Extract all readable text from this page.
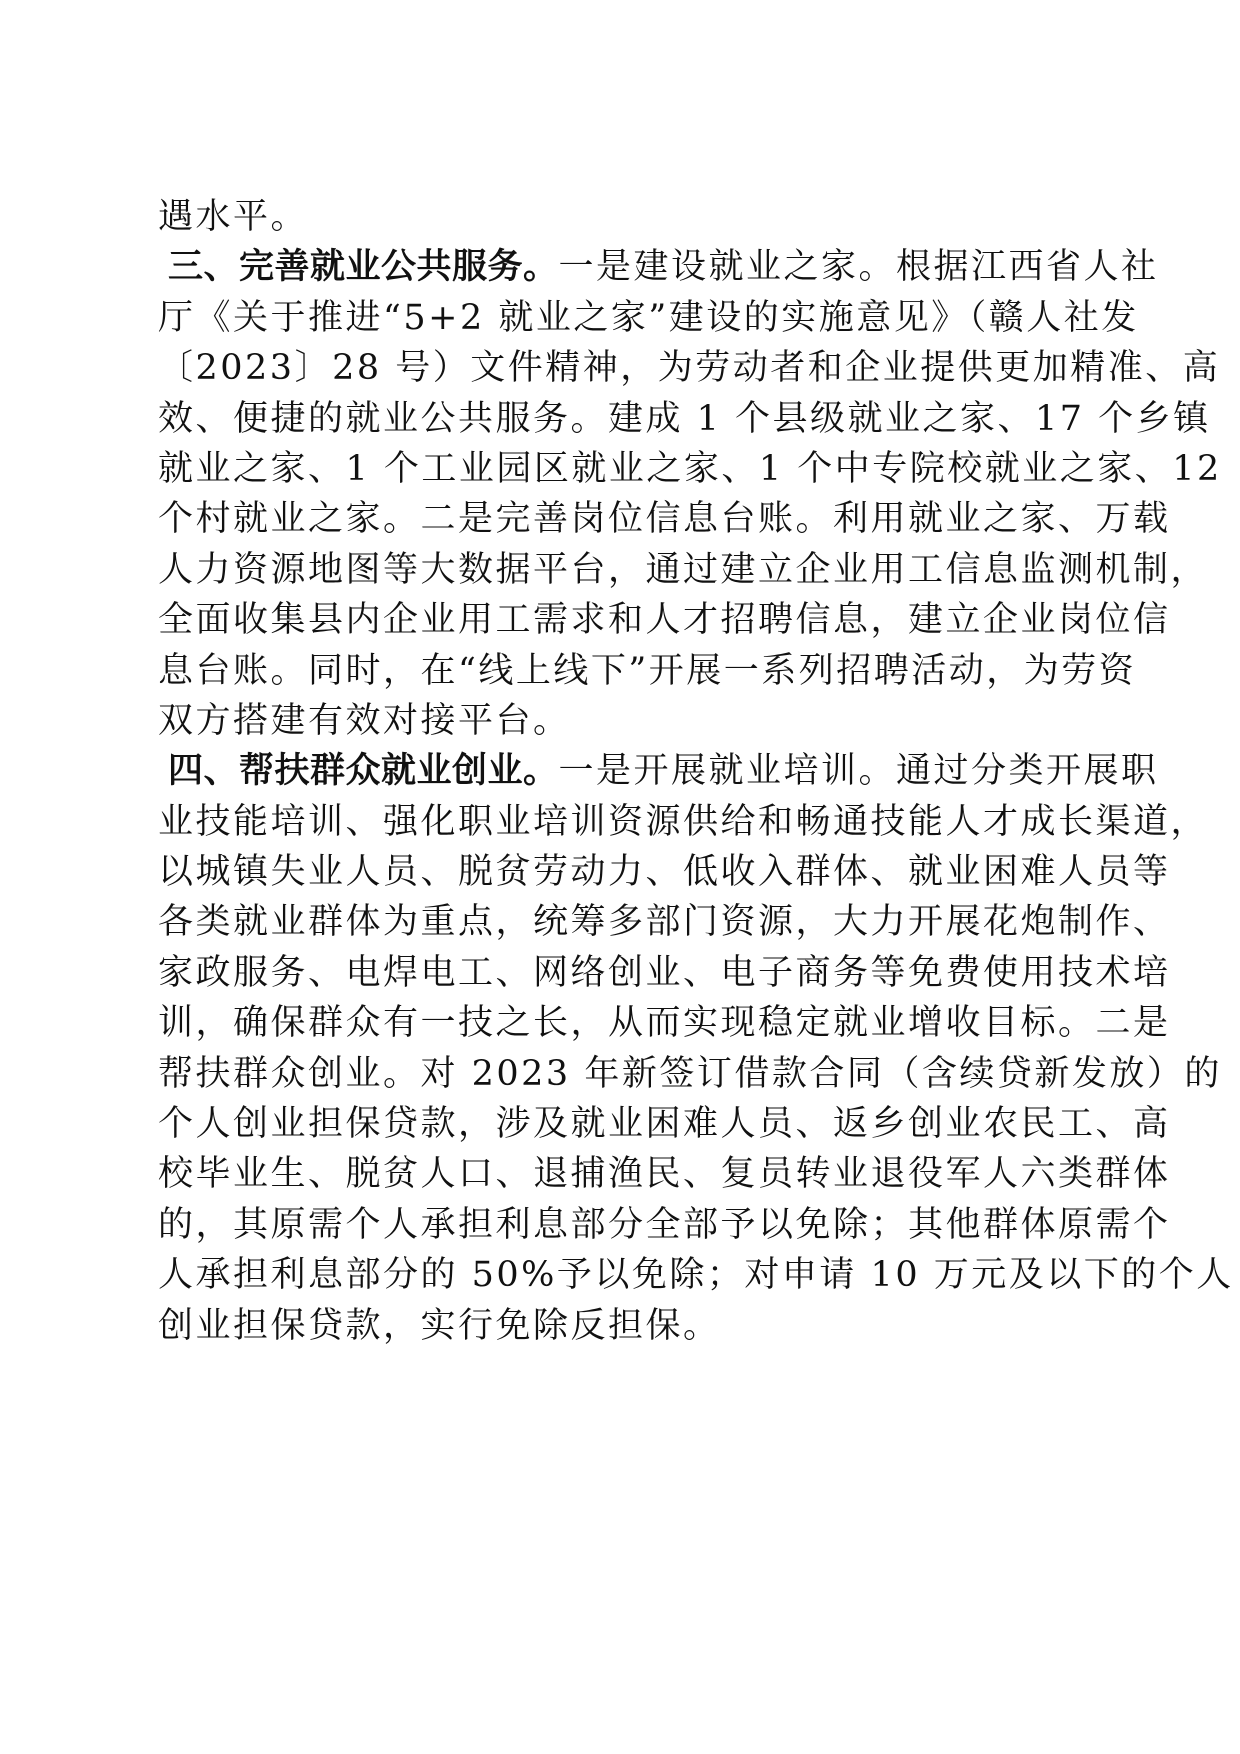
遇水平。
三、完善就业公共服务。一是建设就业之家。根据江西省人社
厅《关于推进“5+2 就业之家”建设的实施意见》（赣人社发
〔2023〕28 号）文件精神，为劳动者和企业提供更加精准、高
效、便捷的就业公共服务。建成 1 个县级就业之家、17 个乡镇
就业之家、1 个工业园区就业之家、1 个中专院校就业之家、12
个村就业之家。二是完善岗位信息台账。利用就业之家、万载
人力资源地图等大数据平台，通过建立企业用工信息监测机制，
全面收集县内企业用工需求和人才招聘信息，建立企业岗位信
息台账。同时，在“线上线下”开展一系列招聘活动，为劳资
双方搭建有效对接平台。
四、帮扶群众就业创业。一是开展就业培训。通过分类开展职
业技能培训、强化职业培训资源供给和畅通技能人才成长渠道，
以城镇失业人员、脱贫劳动力、低收入群体、就业困难人员等
各类就业群体为重点，统筹多部门资源，大力开展花炮制作、
家政服务、电焊电工、网络创业、电子商务等免费使用技术培
训，确保群众有一技之长，从而实现稳定就业增收目标。二是
帮扶群众创业。对 2023 年新签订借款合同（含续贷新发放）的
个人创业担保贷款，涉及就业困难人员、返乡创业农民工、高
校毕业生、脱贫人口、退捕渔民、复员转业退役军人六类群体
的，其原需个人承担利息部分全部予以免除；其他群体原需个
人承担利息部分的 50%予以免除；对申请 10 万元及以下的个人
创业担保贷款，实行免除反担保。
